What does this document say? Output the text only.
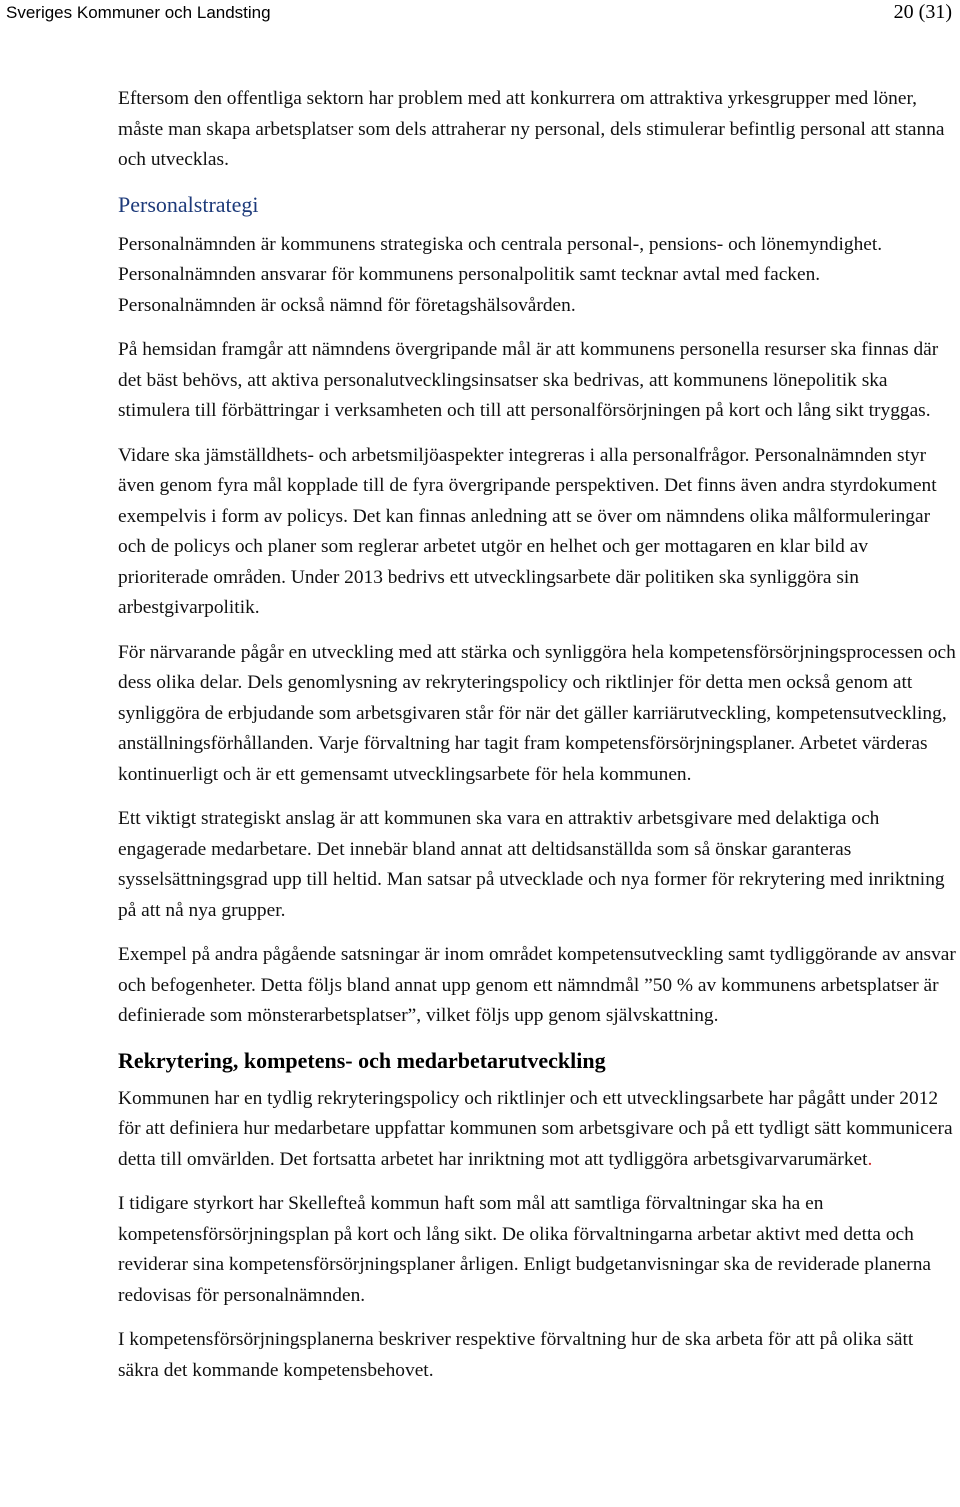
Sveriges Kommuner och Landsting	20 (31)

Eftersom den offentliga sektorn har problem med att konkurrera om attraktiva yrkesgrupper med löner, måste man skapa arbetsplatser som dels attraherar ny personal, dels stimulerar befintlig personal att stanna och utvecklas.

Personalstrategi

Personalnämnden är kommunens strategiska och centrala personal-, pensions- och lönemyndighet. Personalnämnden ansvarar för kommunens personalpolitik samt tecknar avtal med facken. Personalnämnden är också nämnd för företagshälsovården.

På hemsidan framgår att nämndens övergripande mål är att kommunens personella resurser ska finnas där det bäst behövs, att aktiva personalutvecklingsinsatser ska bedrivas, att kommunens lönepolitik ska stimulera till förbättringar i verksamheten och till att personalförsörjningen på kort och lång sikt tryggas.

Vidare ska jämställdhets- och arbetsmiljöaspekter integreras i alla personalfrågor. Personalnämnden styr även genom fyra mål kopplade till de fyra övergripande perspektiven. Det finns även andra styrdokument exempelvis i form av policys. Det kan finnas anledning att se över om nämndens olika målformuleringar och de policys och planer som reglerar arbetet utgör en helhet och ger mottagaren en klar bild av prioriterade områden. Under 2013 bedrivs ett utvecklingsarbete där politiken ska synliggöra sin arbestgivarpolitik.

För närvarande pågår en utveckling med att stärka och synliggöra hela kompetensförsörjningsprocessen och dess olika delar. Dels genomlysning av rekryteringspolicy och riktlinjer för detta men också genom att synliggöra de erbjudande som arbetsgivaren står för när det gäller karriärutveckling, kompetensutveckling, anställningsförhållanden. Varje förvaltning har tagit fram kompetensförsörjningsplaner. Arbetet värderas kontinuerligt och är ett gemensamt utvecklingsarbete för hela kommunen.

Ett viktigt strategiskt anslag är att kommunen ska vara en attraktiv arbetsgivare med delaktiga och engagerade medarbetare. Det innebär bland annat att deltidsanställda som så önskar garanteras sysselsättningsgrad upp till heltid. Man satsar på utvecklade och nya former för rekrytering med inriktning på att nå nya grupper.

Exempel på andra pågående satsningar är inom området kompetensutveckling samt tydliggörande av ansvar och befogenheter. Detta följs bland annat upp genom ett nämndmål ”50 % av kommunens arbetsplatser är definierade som mönsterarbetsplatser”, vilket följs upp genom självskattning.

Rekrytering, kompetens- och medarbetarutveckling

Kommunen har en tydlig rekryteringspolicy och riktlinjer och ett utvecklingsarbete har pågått under 2012 för att definiera hur medarbetare uppfattar kommunen som arbetsgivare och på ett tydligt sätt kommunicera detta till omvärlden. Det fortsatta arbetet har inriktning mot att tydliggöra arbetsgivarvarumärket.

I tidigare styrkort har Skellefteå kommun haft som mål att samtliga förvaltningar ska ha en kompetensförsörjningsplan på kort och lång sikt. De olika förvaltningarna arbetar aktivt med detta och reviderar sina kompetensförsörjningsplaner årligen. Enligt budgetanvisningar ska de reviderade planerna redovisas för personalnämnden.

I kompetensförsörjningsplanerna beskriver respektive förvaltning hur de ska arbeta för att på olika sätt säkra det kommande kompetensbehovet.
